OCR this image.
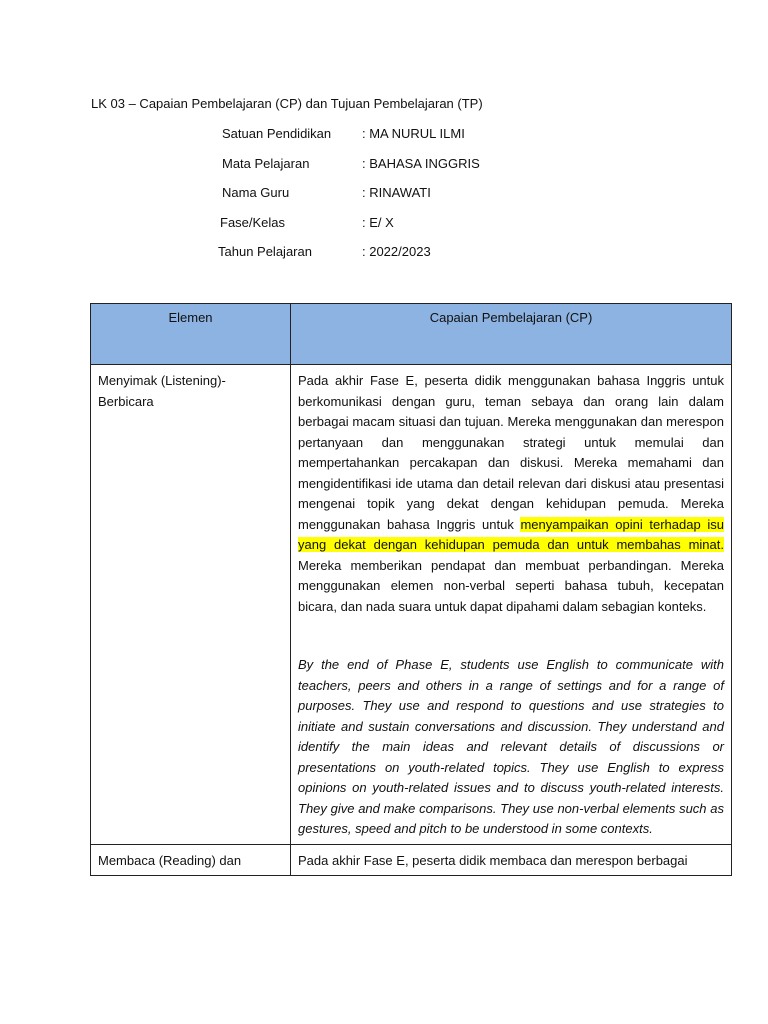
LK 03 – Capaian Pembelajaran (CP) dan Tujuan Pembelajaran (TP)
Satuan Pendidikan	: MA NURUL ILMI
Mata Pelajaran	: BAHASA INGGRIS
Nama Guru	: RINAWATI
Fase/Kelas	: E/ X
Tahun Pelajaran	: 2022/2023
Elemen	Capaian Pembelajaran (CP)
Menyimak (Listening)- Berbicara	Pada akhir Fase E, peserta didik menggunakan bahasa Inggris untuk berkomunikasi dengan guru, teman sebaya dan orang lain dalam berbagai macam situasi dan tujuan. Mereka menggunakan dan merespon pertanyaan dan menggunakan strategi untuk memulai dan mempertahankan percakapan dan diskusi. Mereka memahami dan mengidentifikasi ide utama dan detail relevan dari diskusi atau presentasi mengenai topik yang dekat dengan kehidupan pemuda. Mereka menggunakan bahasa Inggris untuk menyampaikan opini terhadap isu yang dekat dengan kehidupan pemuda dan untuk membahas minat. Mereka memberikan pendapat dan membuat perbandingan. Mereka menggunakan elemen non-verbal seperti bahasa tubuh, kecepatan bicara, dan nada suara untuk dapat dipahami dalam sebagian konteks.
By the end of Phase E, students use English to communicate with teachers, peers and others in a range of settings and for a range of purposes. They use and respond to questions and use strategies to initiate and sustain conversations and discussion. They understand and identify the main ideas and relevant details of discussions or presentations on youth-related topics. They use English to express opinions on youth-related issues and to discuss youth-related interests. They give and make comparisons. They use non-verbal elements such as gestures, speed and pitch to be understood in some contexts.

Membaca (Reading) dan	Pada akhir Fase E, peserta didik membaca dan merespon berbagai
